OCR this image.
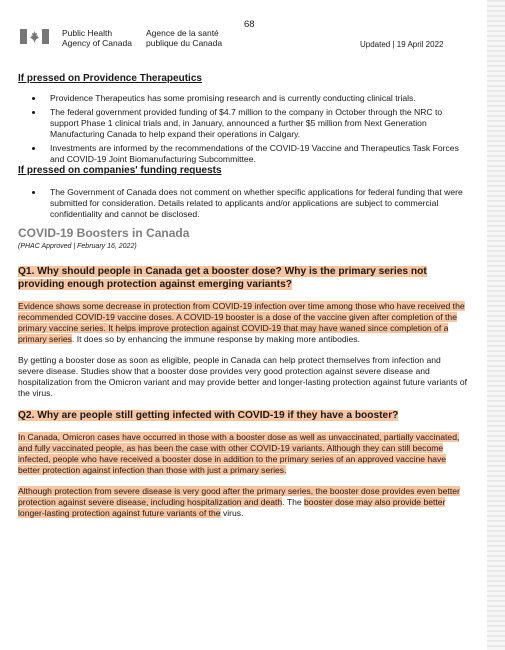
68
Public Health
Agency of Canada
Agence de la santé
publique du Canada	Updated | 19 April 2022

If pressed on Providence Therapeutics

• Providence Therapeutics has some promising research and is currently conducting clinical trials.
• The federal government provided funding of $4.7 million to the company in October through the NRC to support Phase 1 clinical trials and, in January, announced a further $5 million from Next Generation Manufacturing Canada to help expand their operations in Calgary.
• Investments are informed by the recommendations of the COVID-19 Vaccine and Therapeutics Task Forces and COVID-19 Joint Biomanufacturing Subcommittee.

If pressed on companies' funding requests

• The Government of Canada does not comment on whether specific applications for federal funding that were submitted for consideration. Details related to applicants and/or applications are subject to commercial confidentiality and cannot be disclosed.

COVID-19 Boosters in Canada

(PHAC Approved | February 16, 2022)

Q1. Why should people in Canada get a booster dose? Why is the primary series not providing enough protection against emerging variants?

Evidence shows some decrease in protection from COVID-19 infection over time among those who have received the recommended COVID-19 vaccine doses. A COVID-19 booster is a dose of the vaccine given after completion of the primary vaccine series. It helps improve protection against COVID-19 that may have waned since completion of a primary series. It does so by enhancing the immune response by making more antibodies.

By getting a booster dose as soon as eligible, people in Canada can help protect themselves from infection and severe disease. Studies show that a booster dose provides very good protection against severe disease and hospitalization from the Omicron variant and may provide better and longer-lasting protection against future variants of the virus.

Q2. Why are people still getting infected with COVID-19 if they have a booster?

In Canada, Omicron cases have occurred in those with a booster dose as well as unvaccinated, partially vaccinated, and fully vaccinated people, as has been the case with other COVID-19 variants. Although they can still become infected, people who have received a booster dose in addition to the primary series of an approved vaccine have better protection against infection than those with just a primary series.

Although protection from severe disease is very good after the primary series, the booster dose provides even better protection against severe disease, including hospitalization and death. The booster dose may also provide better longer-lasting protection against future variants of the virus.
